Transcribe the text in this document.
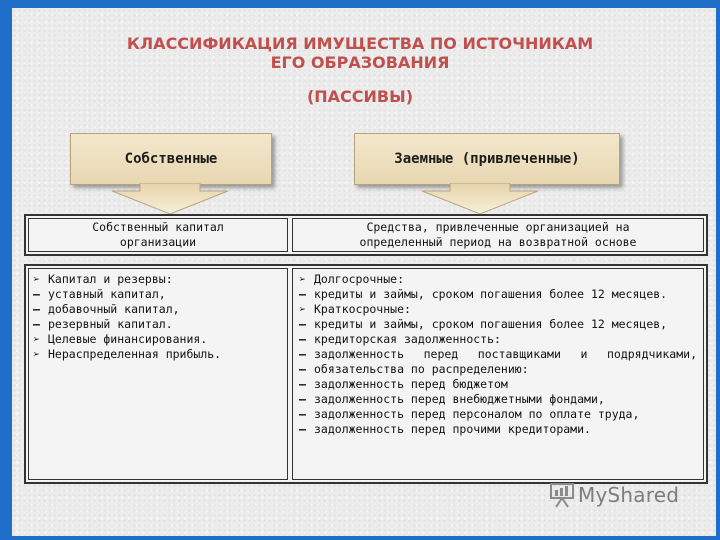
КЛАССИФИКАЦИЯ ИМУЩЕСТВА ПО ИСТОЧНИКАМ
ЕГО ОБРАЗОВАНИЯ
(ПАССИВЫ)
Собственные	Заемные (привлеченные)
Собственный капитал
организации
Средства, привлеченные организацией на
определенный период на возвратной основе
➢ Капитал и резервы:
– уставный капитал,
– добавочный капитал,
– резервный капитал.
➢ Целевые финансирования.
➢ Нераспределенная прибыль.
➢ Долгосрочные:
– кредиты и займы, сроком погашения более 12 месяцев.
➢ Краткосрочные:
– кредиты и займы, сроком погашения более 12 месяцев,
– кредиторская задолженность:
– задолженность перед поставщиками и подрядчиками,
– обязательства по распределению:
– задолженность перед бюджетом
– задолженность перед внебюджетными фондами,
– задолженность перед персоналом по оплате труда,
– задолженность перед прочими кредиторами.
MyShared
